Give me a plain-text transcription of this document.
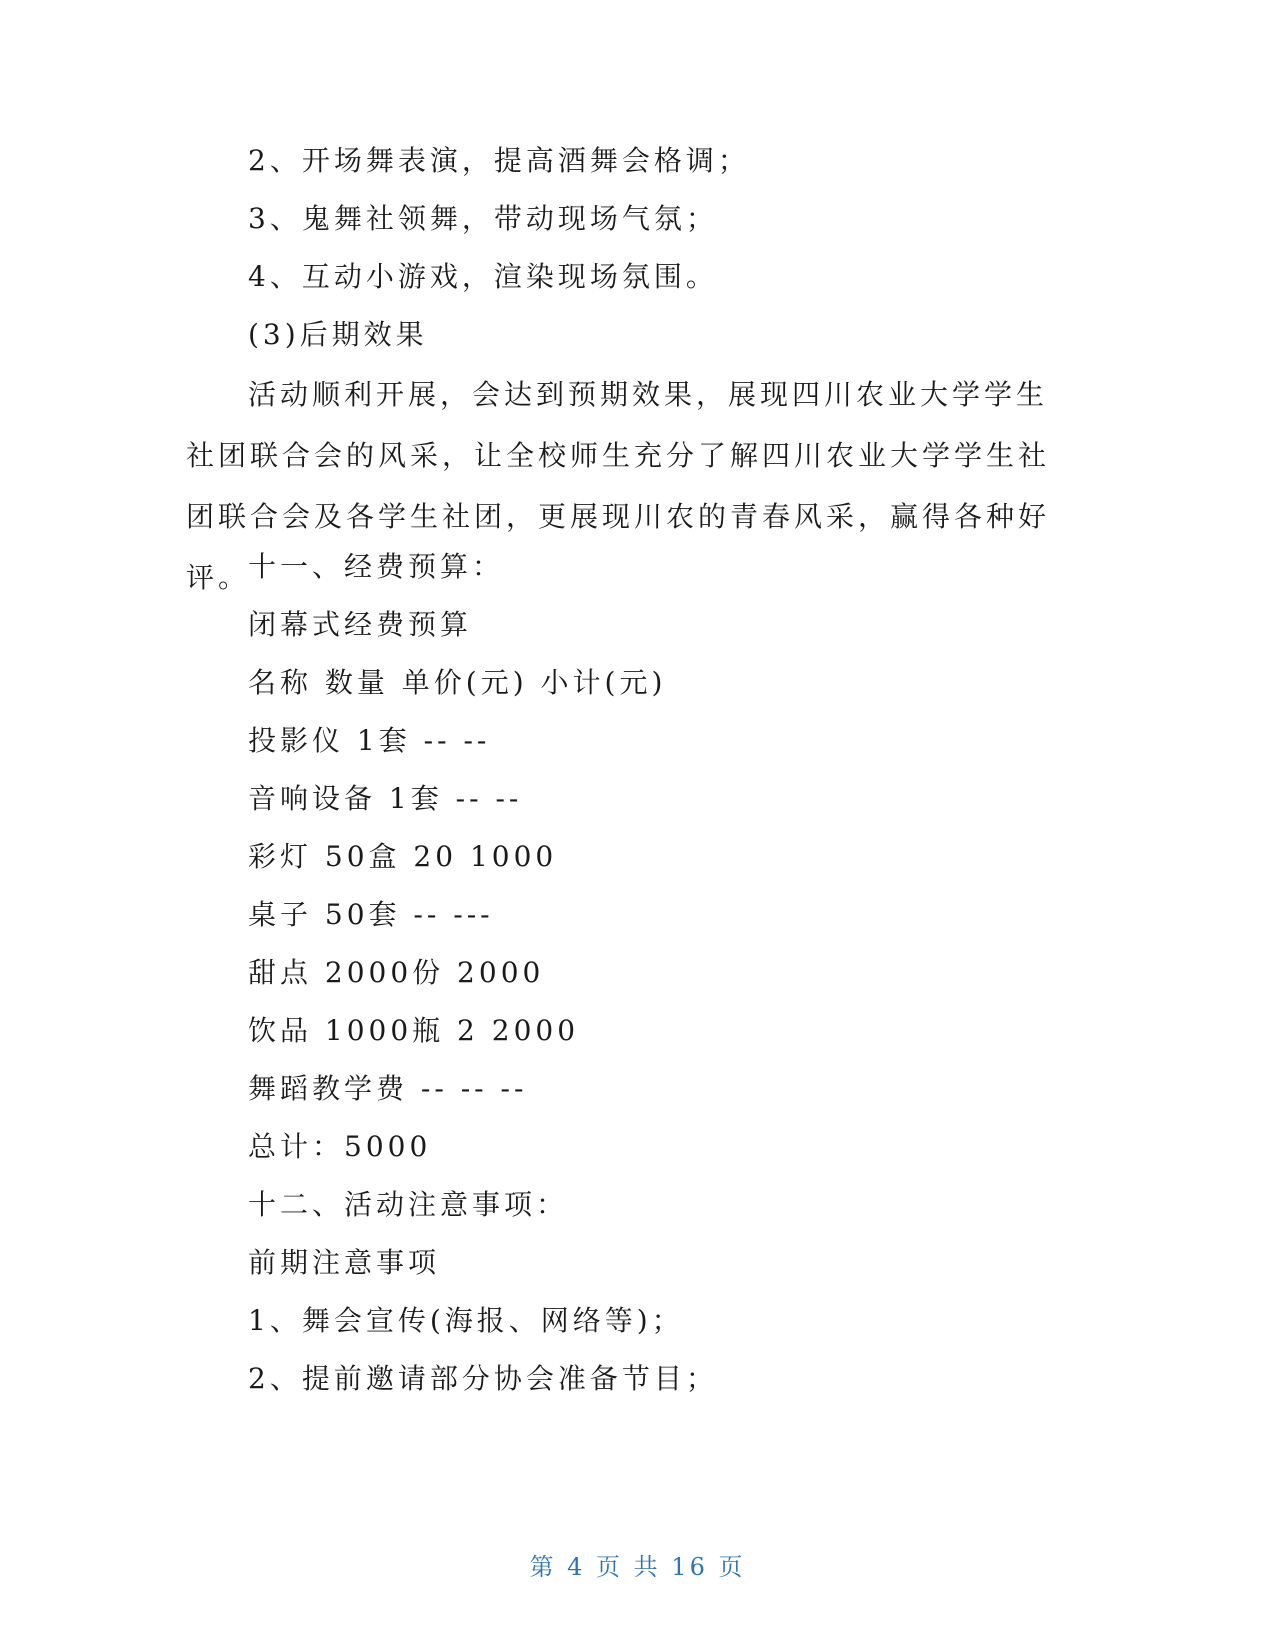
2、开场舞表演，提高酒舞会格调；
3、鬼舞社领舞，带动现场气氛；
4、互动小游戏，渲染现场氛围。
(3)后期效果
活动顺利开展，会达到预期效果，展现四川农业大学学生社团联合会的风采，让全校师生充分了解四川农业大学学生社团联合会及各学生社团，更展现川农的青春风采，赢得各种好评。
十一、经费预算：
闭幕式经费预算
名称 数量 单价(元) 小计(元)
投影仪 1套 -- --
音响设备 1套 -- --
彩灯 50盒 20 1000
桌子 50套 -- ---
甜点 2000份 2000
饮品 1000瓶 2 2000
舞蹈教学费 -- -- --
总计：5000
十二、活动注意事项：
前期注意事项
1、舞会宣传(海报、网络等)；
2、提前邀请部分协会准备节目；
第 4 页 共 16 页
